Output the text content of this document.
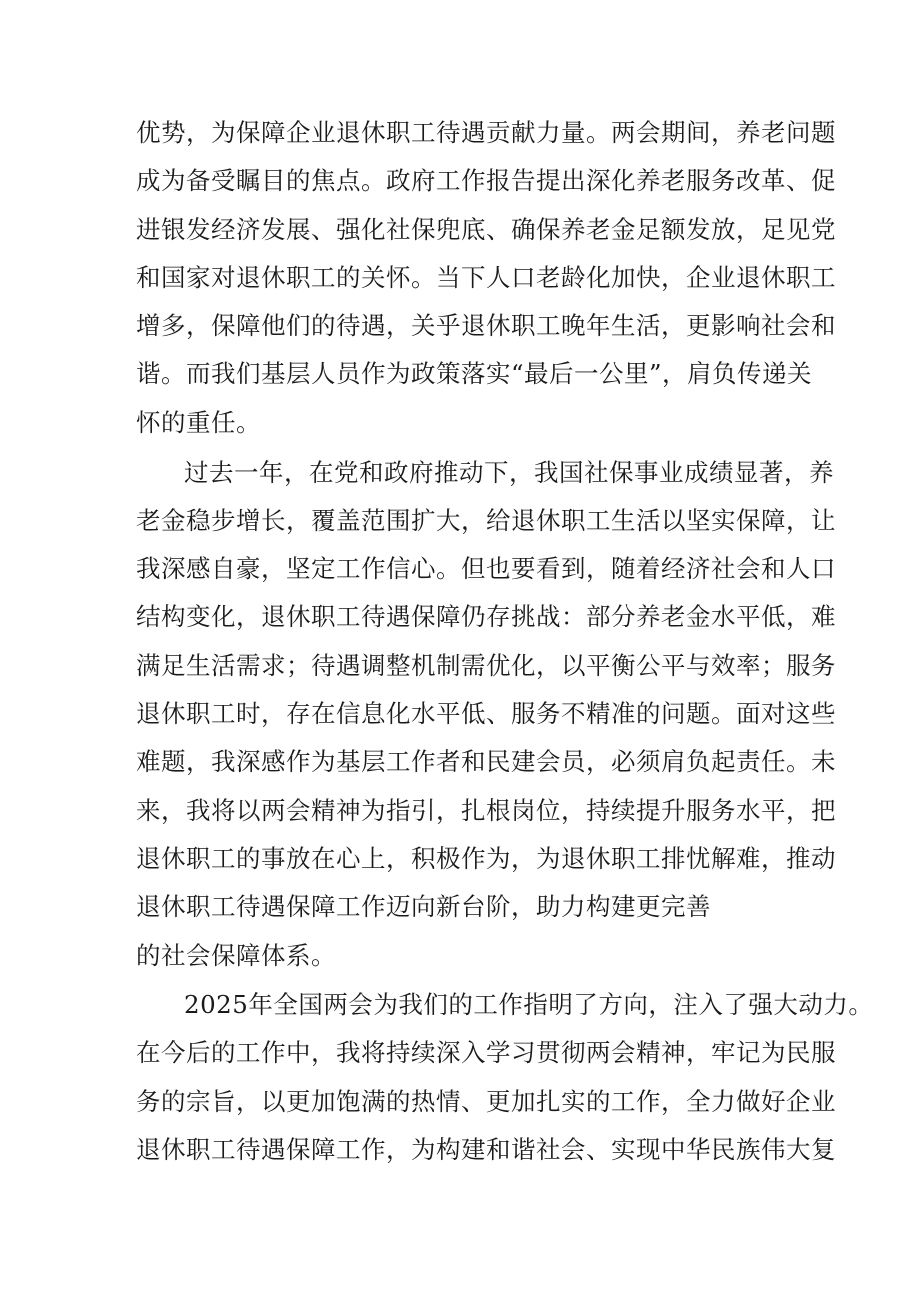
优势，为保障企业退休职工待遇贡献力量。两会期间，养老问题
成为备受瞩目的焦点。政府工作报告提出深化养老服务改革、促
进银发经济发展、强化社保兜底、确保养老金足额发放，足见党
和国家对退休职工的关怀。当下人口老龄化加快，企业退休职工
增多，保障他们的待遇，关乎退休职工晚年生活，更影响社会和
谐。而我们基层人员作为政策落实“最后一公里”，肩负传递关
怀的重任。
过去一年，在党和政府推动下，我国社保事业成绩显著，养
老金稳步增长，覆盖范围扩大，给退休职工生活以坚实保障，让
我深感自豪，坚定工作信心。但也要看到，随着经济社会和人口
结构变化，退休职工待遇保障仍存挑战：部分养老金水平低，难
满足生活需求；待遇调整机制需优化，以平衡公平与效率；服务
退休职工时，存在信息化水平低、服务不精准的问题。面对这些
难题，我深感作为基层工作者和民建会员，必须肩负起责任。未
来，我将以两会精神为指引，扎根岗位，持续提升服务水平，把
退休职工的事放在心上，积极作为，为退休职工排忧解难，推动
退休职工待遇保障工作迈向新台阶，助力构建更完善
的社会保障体系。
2025年全国两会为我们的工作指明了方向，注入了强大动力。
在今后的工作中，我将持续深入学习贯彻两会精神，牢记为民服
务的宗旨，以更加饱满的热情、更加扎实的工作，全力做好企业
退休职工待遇保障工作，为构建和谐社会、实现中华民族伟大复
